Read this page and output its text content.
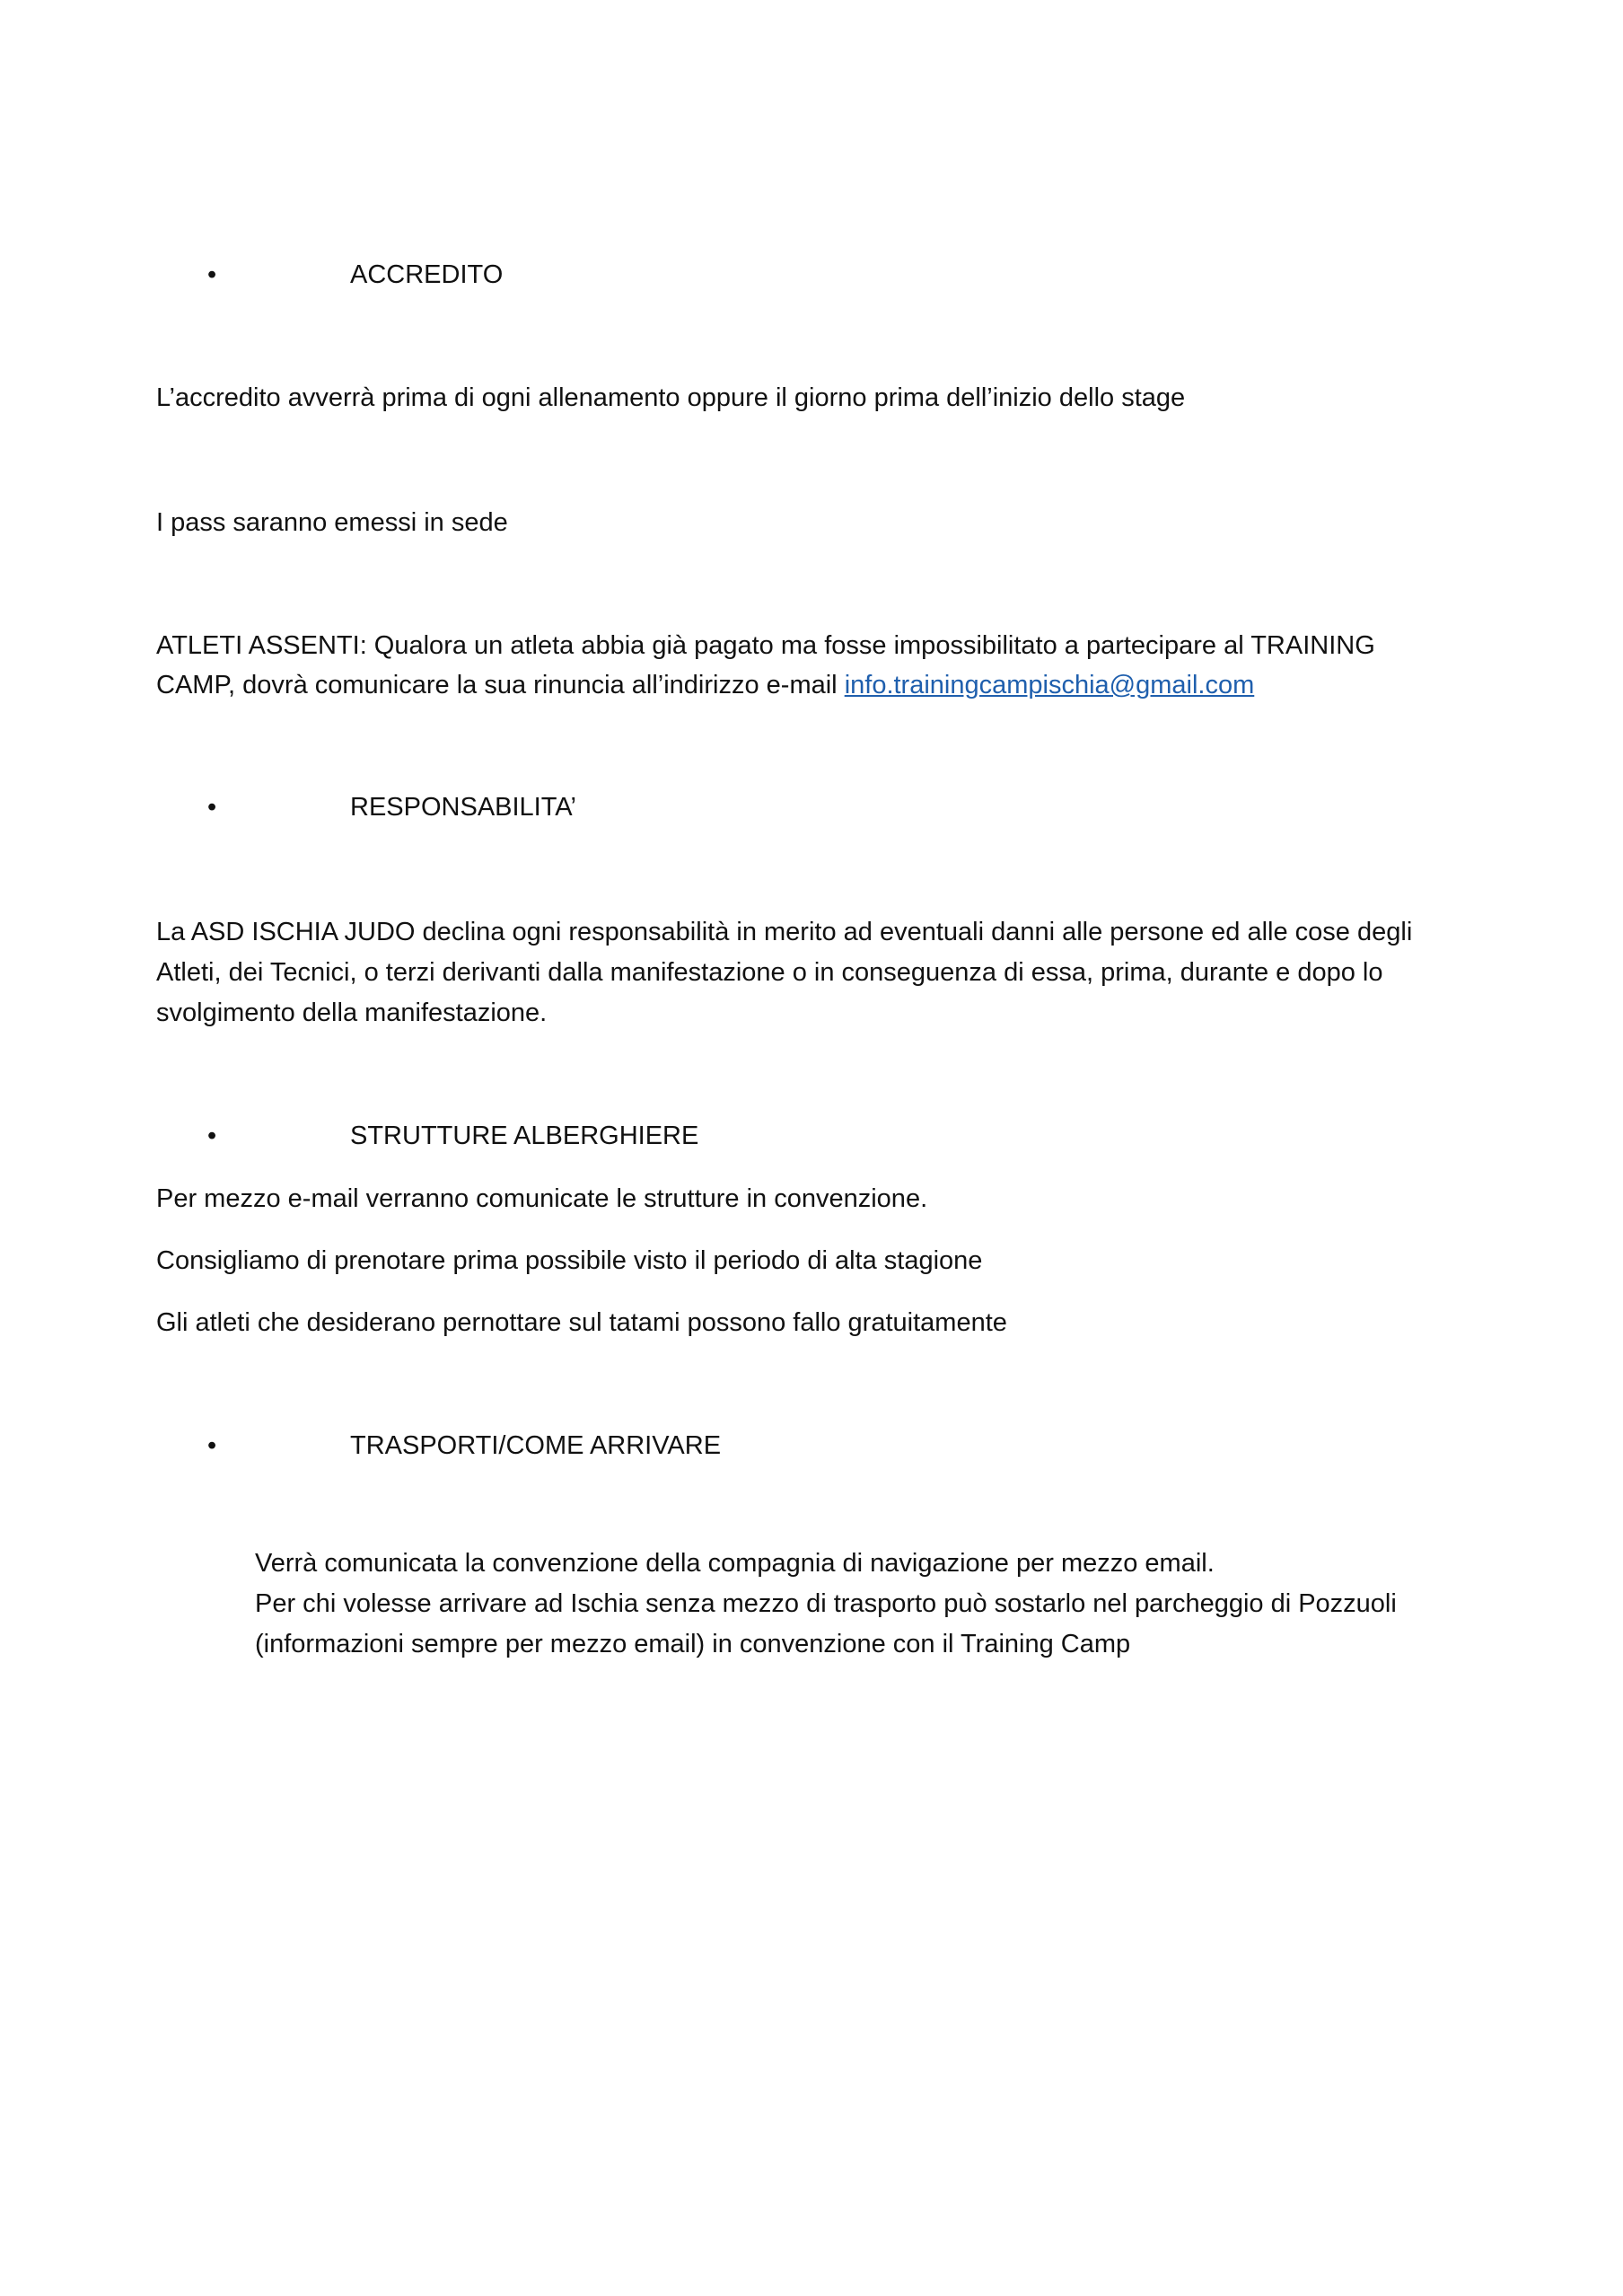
•	ACCREDITO
L’accredito avverrà prima di ogni allenamento oppure il giorno prima dell’inizio dello stage
I pass saranno emessi in sede
ATLETI ASSENTI: Qualora un atleta abbia già pagato ma fosse impossibilitato a partecipare al TRAINING
CAMP, dovrà comunicare la sua rinuncia all’indirizzo e-mail info.trainingcampischia@gmail.com
•	RESPONSABILITA’
La ASD ISCHIA JUDO declina ogni responsabilità in merito ad eventuali danni alle persone ed alle cose degli
Atleti, dei Tecnici, o terzi derivanti dalla manifestazione o in conseguenza di essa, prima, durante e dopo lo
svolgimento della manifestazione.
•	STRUTTURE ALBERGHIERE
Per mezzo e-mail verranno comunicate le strutture in convenzione.
Consigliamo di prenotare prima possibile visto il periodo di alta stagione
Gli atleti che desiderano pernottare sul tatami possono fallo gratuitamente
•	TRASPORTI/COME ARRIVARE
Verrà comunicata la convenzione della compagnia di navigazione per mezzo email.
Per chi volesse arrivare ad Ischia senza mezzo di trasporto può sostarlo nel parcheggio di Pozzuoli
(informazioni sempre per mezzo email) in convenzione con il Training Camp
